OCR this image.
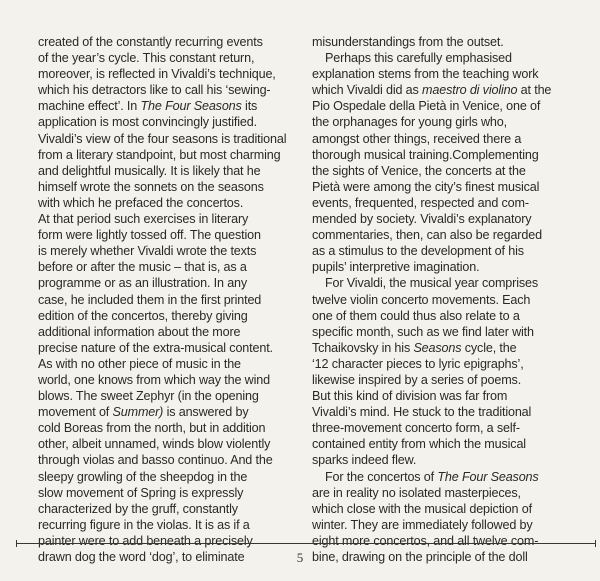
created of the constantly recurring events
of the year’s cycle. This constant return,
moreover, is reflected in Vivaldi’s technique,
which his detractors like to call his ‘sewing-
machine effect’. In The Four Seasons its
application is most convincingly justified.
Vivaldi’s view of the four seasons is traditional
from a literary standpoint, but most charming
and delightful musically. It is likely that he
himself wrote the sonnets on the seasons
with which he prefaced the concertos.
At that period such exercises in literary
form were lightly tossed off. The question
is merely whether Vivaldi wrote the texts
before or after the music – that is, as a
programme or as an illustration. In any
case, he included them in the first printed
edition of the concertos, thereby giving
additional information about the more
precise nature of the extra-musical content.
As with no other piece of music in the
world, one knows from which way the wind
blows. The sweet Zephyr (in the opening
movement of Summer) is answered by
cold Boreas from the north, but in addition
other, albeit unnamed, winds blow violently
through violas and basso continuo. And the
sleepy growling of the sheepdog in the
slow movement of Spring is expressly
characterized by the gruff, constantly
recurring figure in the violas. It is as if a
painter were to add beneath a precisely
drawn dog the word ‘dog’, to eliminate
misunderstandings from the outset.
Perhaps this carefully emphasised
explanation stems from the teaching work
which Vivaldi did as maestro di violino at the
Pio Ospedale della Pietà in Venice, one of
the orphanages for young girls who,
amongst other things, received there a
thorough musical training.Complementing
the sights of Venice, the concerts at the
Pietà were among the city’s finest musical
events, frequented, respected and com-
mended by society. Vivaldi’s explanatory
commentaries, then, can also be regarded
as a stimulus to the development of his
pupils’ interpretive imagination.
For Vivaldi, the musical year comprises
twelve violin concerto movements. Each
one of them could thus also relate to a
specific month, such as we find later with
Tchaikovsky in his Seasons cycle, the
‘12 character pieces to lyric epigraphs’,
likewise inspired by a series of poems.
But this kind of division was far from
Vivaldi’s mind. He stuck to the traditional
three-movement concerto form, a self-
contained entity from which the musical
sparks indeed flew.
For the concertos of The Four Seasons
are in reality no isolated masterpieces,
which close with the musical depiction of
winter. They are immediately followed by
eight more concertos, and all twelve com-
bine, drawing on the principle of the doll
5
